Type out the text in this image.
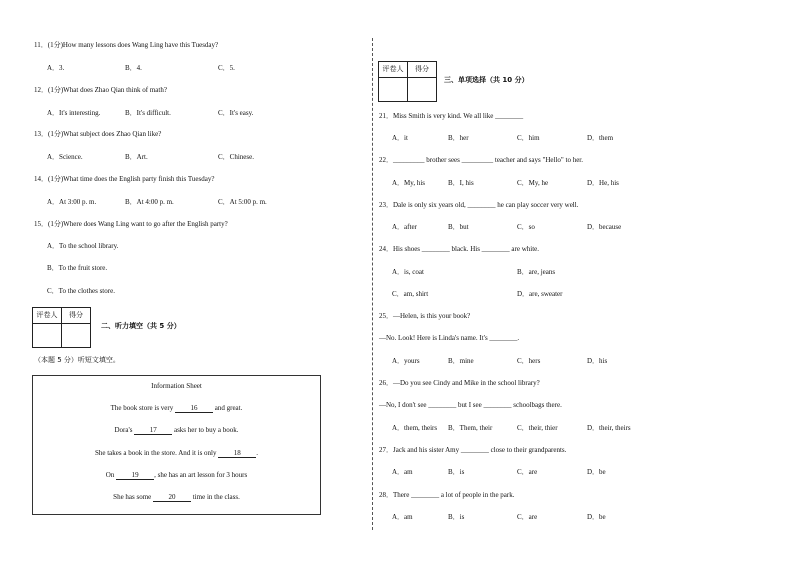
11．(1分)How many lessons does Wang Ling have this Tuesday?
A．3.	B．4.	C．5.
12．(1分)What does Zhao Qian think of math?
A．It's interesting.	B．It's difficult.	C．It's easy.
13．(1分)What subject does Zhao Qian like?
A．Science.	B．Art.	C．Chinese.
14．(1分)What time does the English party finish this Tuesday?
A．At 3:00 p. m.	B．At 4:00 p. m.	C．At 5:00 p. m.
15．(1分)Where does Wang Ling want to go after the English party?
A．To the school library.
B．To the fruit store.
C．To the clothes store.
评卷人	得分

二、听力填空（共 5 分）
（本题 5 分）听短文填空。
Information Sheet
The book store is very 16 and great.
Dora's 17 asks her to buy a book.
She takes a book in the store. And it is only 18 .
On 19 , she has an art lesson for 3 hours
She has some 20 time in the class.
评卷人	得分

三、单项选择（共 10 分）
21．Miss Smith is very kind. We all like ________
A．it	B．her	C．him	D．them
22．_________ brother sees _________ teacher and says "Hello" to her.
A．My, his	B．I, his	C．My, he	D．He, his
23．Dale is only six years old, ________ he can play soccer very well.
A．after	B．but	C．so	D．because
24．His shoes ________ black. His ________ are white.
A．is, coat	B．are, jeans
C．am, shirt	D．are, sweater
25．—Helen, is this your book?
—No. Look! Here is Linda's name. It's ________.
A．yours	B．mine	C．hers	D．his
26．—Do you see Cindy and Mike in the school library?
—No, I don't see ________ but I see ________ schoolbags there.
A．them, theirs B．Them, their	C．their, thier	D．their, theirs
27．Jack and his sister Amy ________ close to their grandparents.
A．am	B．is	C．are	D．be
28．There ________ a lot of people in the park.
A．am	B．is	C．are	D．be
